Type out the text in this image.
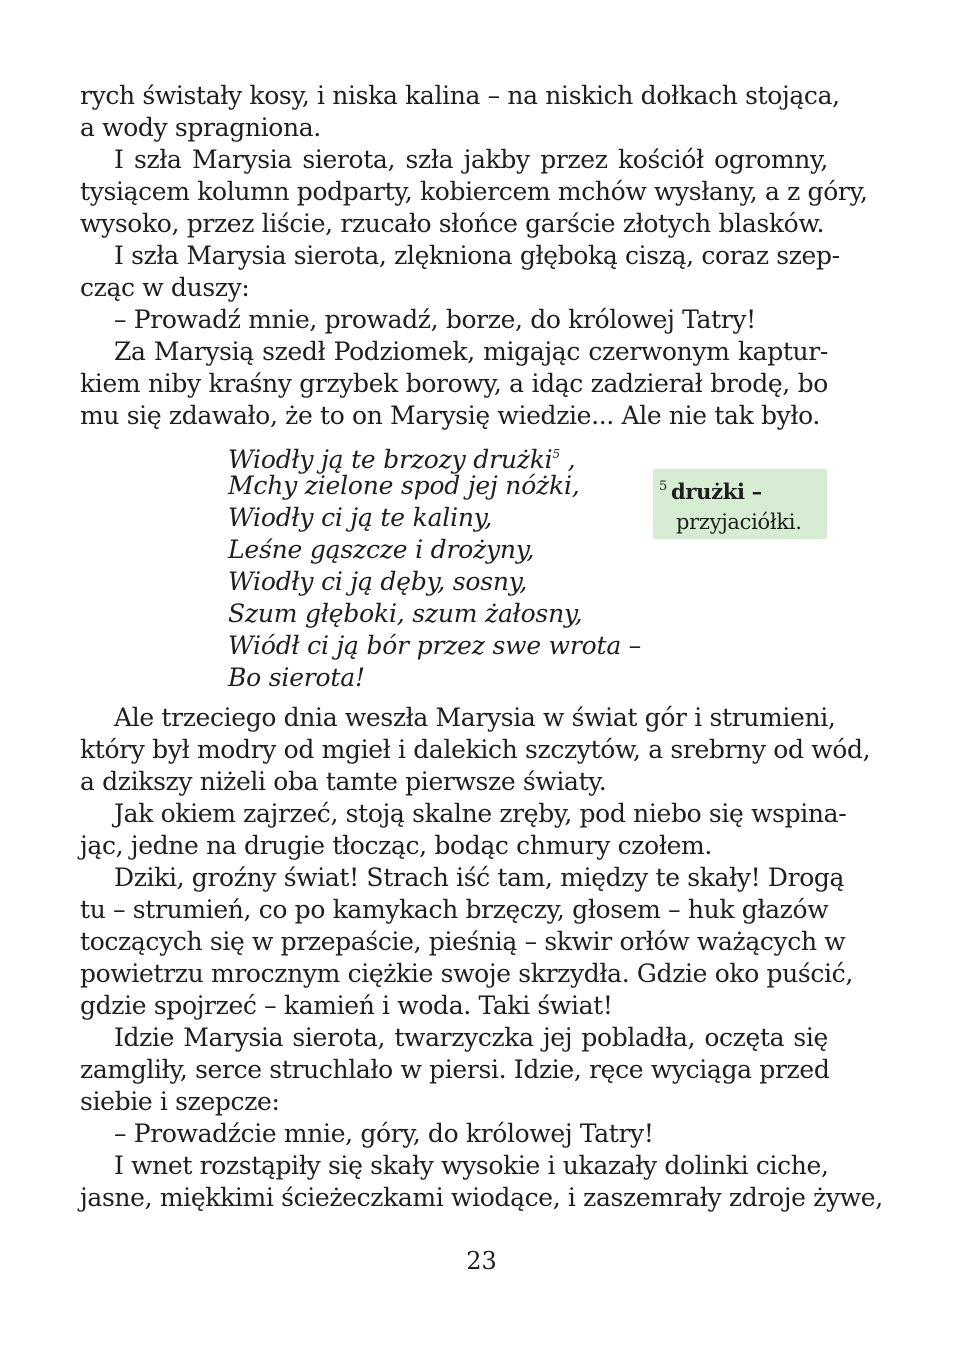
rych świstały kosy, i niska kalina – na niskich dołkach stojąca,
a wody spragniona.
I szła Marysia sierota, szła jakby przez kościół ogromny,
tysiącem kolumn podparty, kobiercem mchów wysłany, a z góry,
wysoko, przez liście, rzucało słońce garście złotych blasków.
I szła Marysia sierota, zlękniona głęboką ciszą, coraz szep-
cząc w duszy:
– Prowadź mnie, prowadź, borze, do królowej Tatry!
Za Marysią szedł Podziomek, migając czerwonym kaptur-
kiem niby kraśny grzybek borowy, a idąc zadzierał brodę, bo
mu się zdawało, że to on Marysię wiedzie... Ale nie tak było.
Wiodły ją te brzozy drużki$^5$ ,
Mchy zielone spod jej nóżki,
Wiodły ci ją te kaliny,
Leśne gąszcze i drożyny,
Wiodły ci ją dęby, sosny,
Szum głęboki, szum żałosny,
Wiódł ci ją bór przez swe wrota –
Bo sierota!
$^5$ drużki –
przyjaciółki.
Ale trzeciego dnia weszła Marysia w świat gór i strumieni,
który był modry od mgieł i dalekich szczytów, a srebrny od wód,
a dzikszy niżeli oba tamte pierwsze światy.
Jak okiem zajrzeć, stoją skalne zręby, pod niebo się wspina-
jąc, jedne na drugie tłocząc, bodąc chmury czołem.
Dziki, groźny świat! Strach iść tam, między te skały! Drogą
tu – strumień, co po kamykach brzęczy, głosem – huk głazów
toczących się w przepaście, pieśnią – skwir orłów ważących w
powietrzu mrocznym ciężkie swoje skrzydła. Gdzie oko puścić,
gdzie spojrzeć – kamień i woda. Taki świat!
Idzie Marysia sierota, twarzyczka jej pobladła, oczęta się
zamgliły, serce struchlało w piersi. Idzie, ręce wyciąga przed
siebie i szepcze:
– Prowadźcie mnie, góry, do królowej Tatry!
I wnet rozstąpiły się skały wysokie i ukazały dolinki ciche,
jasne, miękkimi ścieżeczkami wiodące, i zaszemrały zdroje żywe,
23
